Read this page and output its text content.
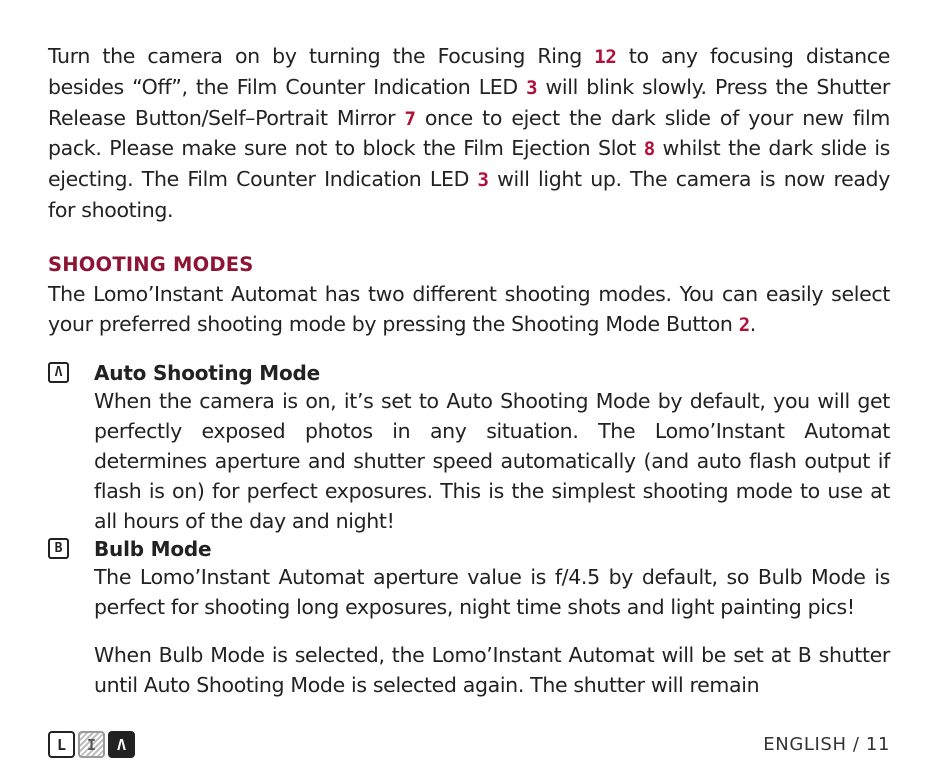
Turn the camera on by turning the Focusing Ring 12 to any focusing distance besides “Off”, the Film Counter Indication LED 3 will blink slowly. Press the Shutter Release Button/Self–Portrait Mirror 7 once to eject the dark slide of your new film pack. Please make sure not to block the Film Ejection Slot 8 whilst the dark slide is ejecting. The Film Counter Indication LED 3 will light up. The camera is now ready for shooting.

SHOOTING MODES

The Lomo’Instant Automat has two different shooting modes. You can easily select your preferred shooting mode by pressing the Shooting Mode Button 2.

Λ	Auto Shooting Mode

When the camera is on, it’s set to Auto Shooting Mode by default, you will get perfectly exposed photos in any situation. The Lomo’Instant Automat determines aperture and shutter speed automatically (and auto flash output if flash is on) for perfect exposures. This is the simplest shooting mode to use at all hours of the day and night!

B	Bulb Mode

The Lomo’Instant Automat aperture value is f/4.5 by default, so Bulb Mode is perfect for shooting long exposures, night time shots and light painting pics!

When Bulb Mode is selected, the Lomo’Instant Automat will be set at B shutter until Auto Shooting Mode is selected again. The shutter will remain

L I Λ	ENGLISH / 11
